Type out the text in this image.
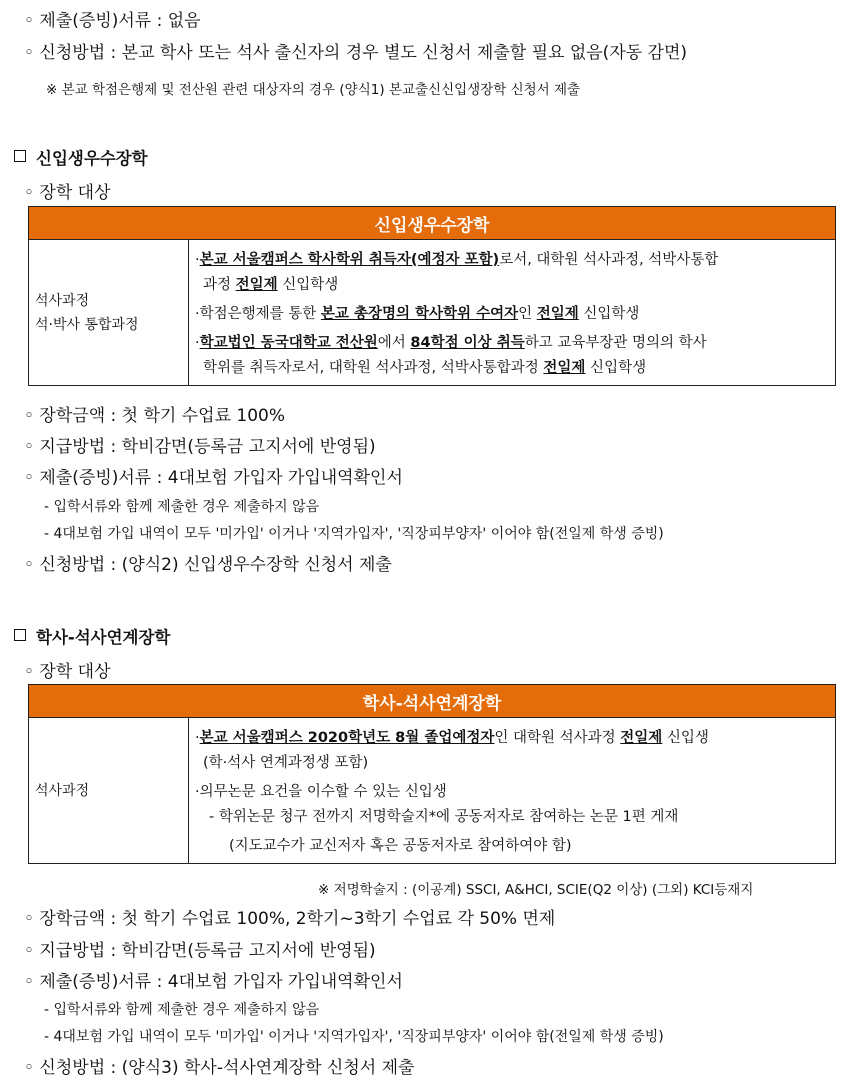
◦ 제출(증빙)서류 : 없음
◦ 신청방법 : 본교 학사 또는 석사 출신자의 경우 별도 신청서 제출할 필요 없음(자동 감면)
※ 본교 학점은행제 및 전산원 관련 대상자의 경우 (양식1) 본교출신신입생장학 신청서 제출
신입생우수장학
◦ 장학 대상
신입생우수장학

석사과정
석·박사 통합과정

·본교 서울캠퍼스 학사학위 취득자(예정자 포함)로서, 대학원 석사과정, 석박사통합
과정 전일제 신입학생
·학점은행제를 통한 본교 총장명의 학사학위 수여자인 전일제 신입학생
·학교법인 동국대학교 전산원에서 84학점 이상 취득하고 교육부장관 명의의 학사
학위를 취득자로서, 대학원 석사과정, 석박사통합과정 전일제 신입학생
◦ 장학금액 : 첫 학기 수업료 100%
◦ 지급방법 : 학비감면(등록금 고지서에 반영됨)
◦ 제출(증빙)서류 : 4대보험 가입자 가입내역확인서
- 입학서류와 함께 제출한 경우 제출하지 않음
- 4대보험 가입 내역이 모두 '미가입' 이거나 '지역가입자', '직장피부양자' 이어야 함(전일제 학생 증빙)
◦ 신청방법 : (양식2) 신입생우수장학 신청서 제출
학사-석사연계장학
◦ 장학 대상
학사-석사연계장학

석사과정

·본교 서울캠퍼스 2020학년도 8월 졸업예정자인 대학원 석사과정 전일제 신입생
(학·석사 연계과정생 포함)
·의무논문 요건을 이수할 수 있는 신입생
- 학위논문 청구 전까지 저명학술지*에 공동저자로 참여하는 논문 1편 게재
(지도교수가 교신저자 혹은 공동저자로 참여하여야 함)
※ 저명학술지 : (이공계) SSCI, A&HCI, SCIE(Q2 이상) (그외) KCI등재지
◦ 장학금액 : 첫 학기 수업료 100%, 2학기~3학기 수업료 각 50% 면제
◦ 지급방법 : 학비감면(등록금 고지서에 반영됨)
◦ 제출(증빙)서류 : 4대보험 가입자 가입내역확인서
- 입학서류와 함께 제출한 경우 제출하지 않음
- 4대보험 가입 내역이 모두 '미가입' 이거나 '지역가입자', '직장피부양자' 이어야 함(전일제 학생 증빙)
◦ 신청방법 : (양식3) 학사-석사연계장학 신청서 제출
